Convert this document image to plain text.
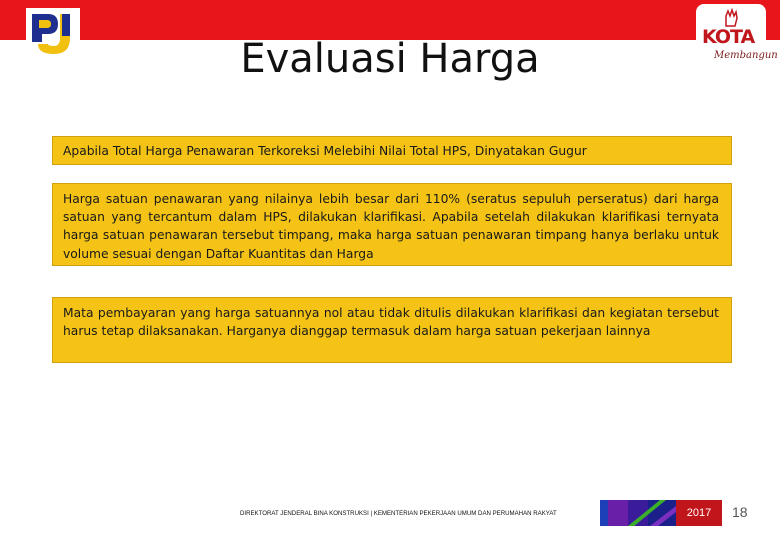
KOTA
Membangun
Evaluasi Harga
Apabila Total Harga Penawaran Terkoreksi Melebihi Nilai Total HPS, Dinyatakan Gugur
Harga satuan penawaran yang nilainya lebih besar dari 110% (seratus sepuluh perseratus) dari harga satuan yang tercantum dalam HPS, dilakukan klarifikasi. Apabila setelah dilakukan klarifikasi ternyata harga satuan penawaran tersebut timpang, maka harga satuan penawaran timpang hanya berlaku untuk volume sesuai dengan Daftar Kuantitas dan Harga
Mata pembayaran yang harga satuannya nol atau tidak ditulis dilakukan klarifikasi dan kegiatan tersebut harus tetap dilaksanakan. Harganya dianggap termasuk dalam harga satuan pekerjaan lainnya
DIREKTORAT JENDERAL BINA KONSTRUKSI | KEMENTERIAN PEKERJAAN UMUM DAN PERUMAHAN RAKYAT	2017	18
